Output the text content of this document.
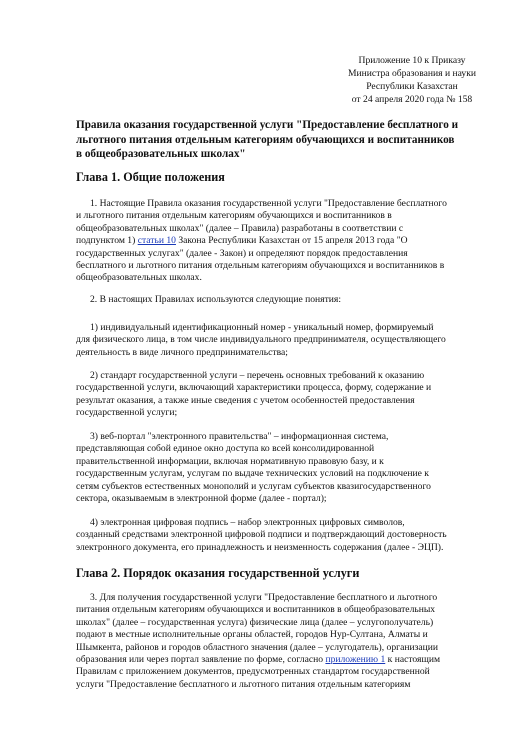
Приложение 10 к Приказу
Министра образования и науки
Республики Казахстан
от 24 апреля 2020 года № 158
Правила оказания государственной услуги "Предоставление бесплатного и
льготного питания отдельным категориям обучающихся и воспитанников
в общеобразовательных школах"
Глава 1. Общие положения
1. Настоящие Правила оказания государственной услуги "Предоставление бесплатного
и льготного питания отдельным категориям обучающихся и воспитанников в
общеобразовательных школах" (далее – Правила) разработаны в соответствии с
подпунктом 1) статьи 10 Закона Республики Казахстан от 15 апреля 2013 года "О
государственных услугах" (далее - Закон) и определяют порядок предоставления
бесплатного и льготного питания отдельным категориям обучающихся и воспитанников в
общеобразовательных школах.
2. В настоящих Правилах используются следующие понятия:
1) индивидуальный идентификационный номер - уникальный номер, формируемый
для физического лица, в том числе индивидуального предпринимателя, осуществляющего
деятельность в виде личного предпринимательства;
2) стандарт государственной услуги – перечень основных требований к оказанию
государственной услуги, включающий характеристики процесса, форму, содержание и
результат оказания, а также иные сведения с учетом особенностей предоставления
государственной услуги;
3) веб-портал "электронного правительства" – информационная система,
представляющая собой единое окно доступа ко всей консолидированной
правительственной информации, включая нормативную правовую базу, и к
государственным услугам, услугам по выдаче технических условий на подключение к
сетям субъектов естественных монополий и услугам субъектов квазигосударственного
сектора, оказываемым в электронной форме (далее - портал);
4) электронная цифровая подпись – набор электронных цифровых символов,
созданный средствами электронной цифровой подписи и подтверждающий достоверность
электронного документа, его принадлежность и неизменность содержания (далее - ЭЦП).
Глава 2. Порядок оказания государственной услуги
3. Для получения государственной услуги "Предоставление бесплатного и льготного
питания отдельным категориям обучающихся и воспитанников в общеобразовательных
школах" (далее – государственная услуга) физические лица (далее – услугополучатель)
подают в местные исполнительные органы областей, городов Нур-Султана, Алматы и
Шымкента, районов и городов областного значения (далее – услугодатель), организации
образования или через портал заявление по форме, согласно приложению 1 к настоящим
Правилам с приложением документов, предусмотренных стандартом государственной
услуги "Предоставление бесплатного и льготного питания отдельным категориям
